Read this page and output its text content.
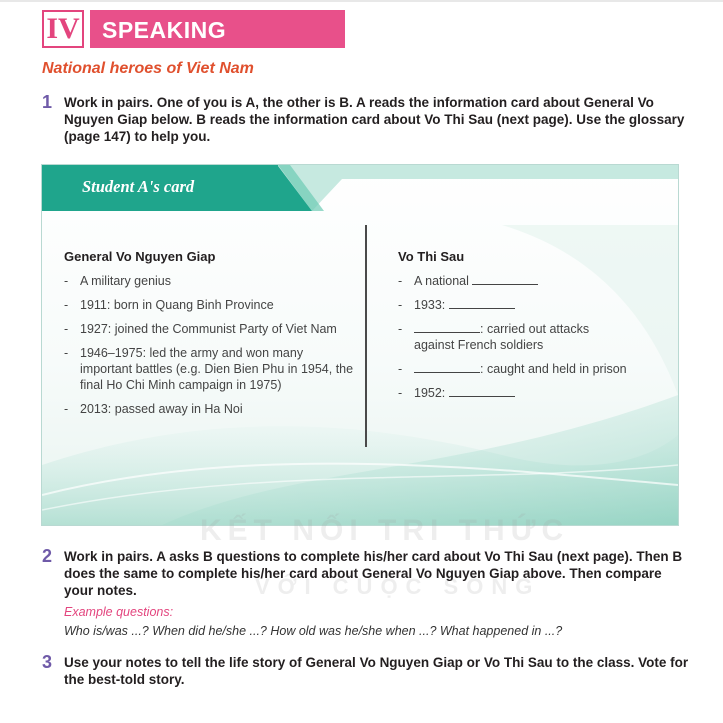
IV SPEAKING
National heroes of Viet Nam
1 Work in pairs. One of you is A, the other is B. A reads the information card about General Vo Nguyen Giap below. B reads the information card about Vo Thi Sau (next page). Use the glossary (page 147) to help you.
Student A's card
General Vo Nguyen Giap
- A military genius
- 1911: born in Quang Binh Province
- 1927: joined the Communist Party of Viet Nam
- 1946–1975: led the army and won many important battles (e.g. Dien Bien Phu in 1954, the final Ho Chi Minh campaign in 1975)
- 2013: passed away in Ha Noi
Vo Thi Sau
- A national
- 1933:
- : carried out attacks
against French soldiers
- : caught and held in prison
- 1952:
KẾT NỐI TRI THỨC
VỚI CUỘC SỐNG
2 Work in pairs. A asks B questions to complete his/her card about Vo Thi Sau (next page). Then B does the same to complete his/her card about General Vo Nguyen Giap above. Then compare your notes.
Example questions:
Who is/was ...? When did he/she ...? How old was he/she when ...? What happened in ...?
3 Use your notes to tell the life story of General Vo Nguyen Giap or Vo Thi Sau to the class. Vote for the best-told story.
